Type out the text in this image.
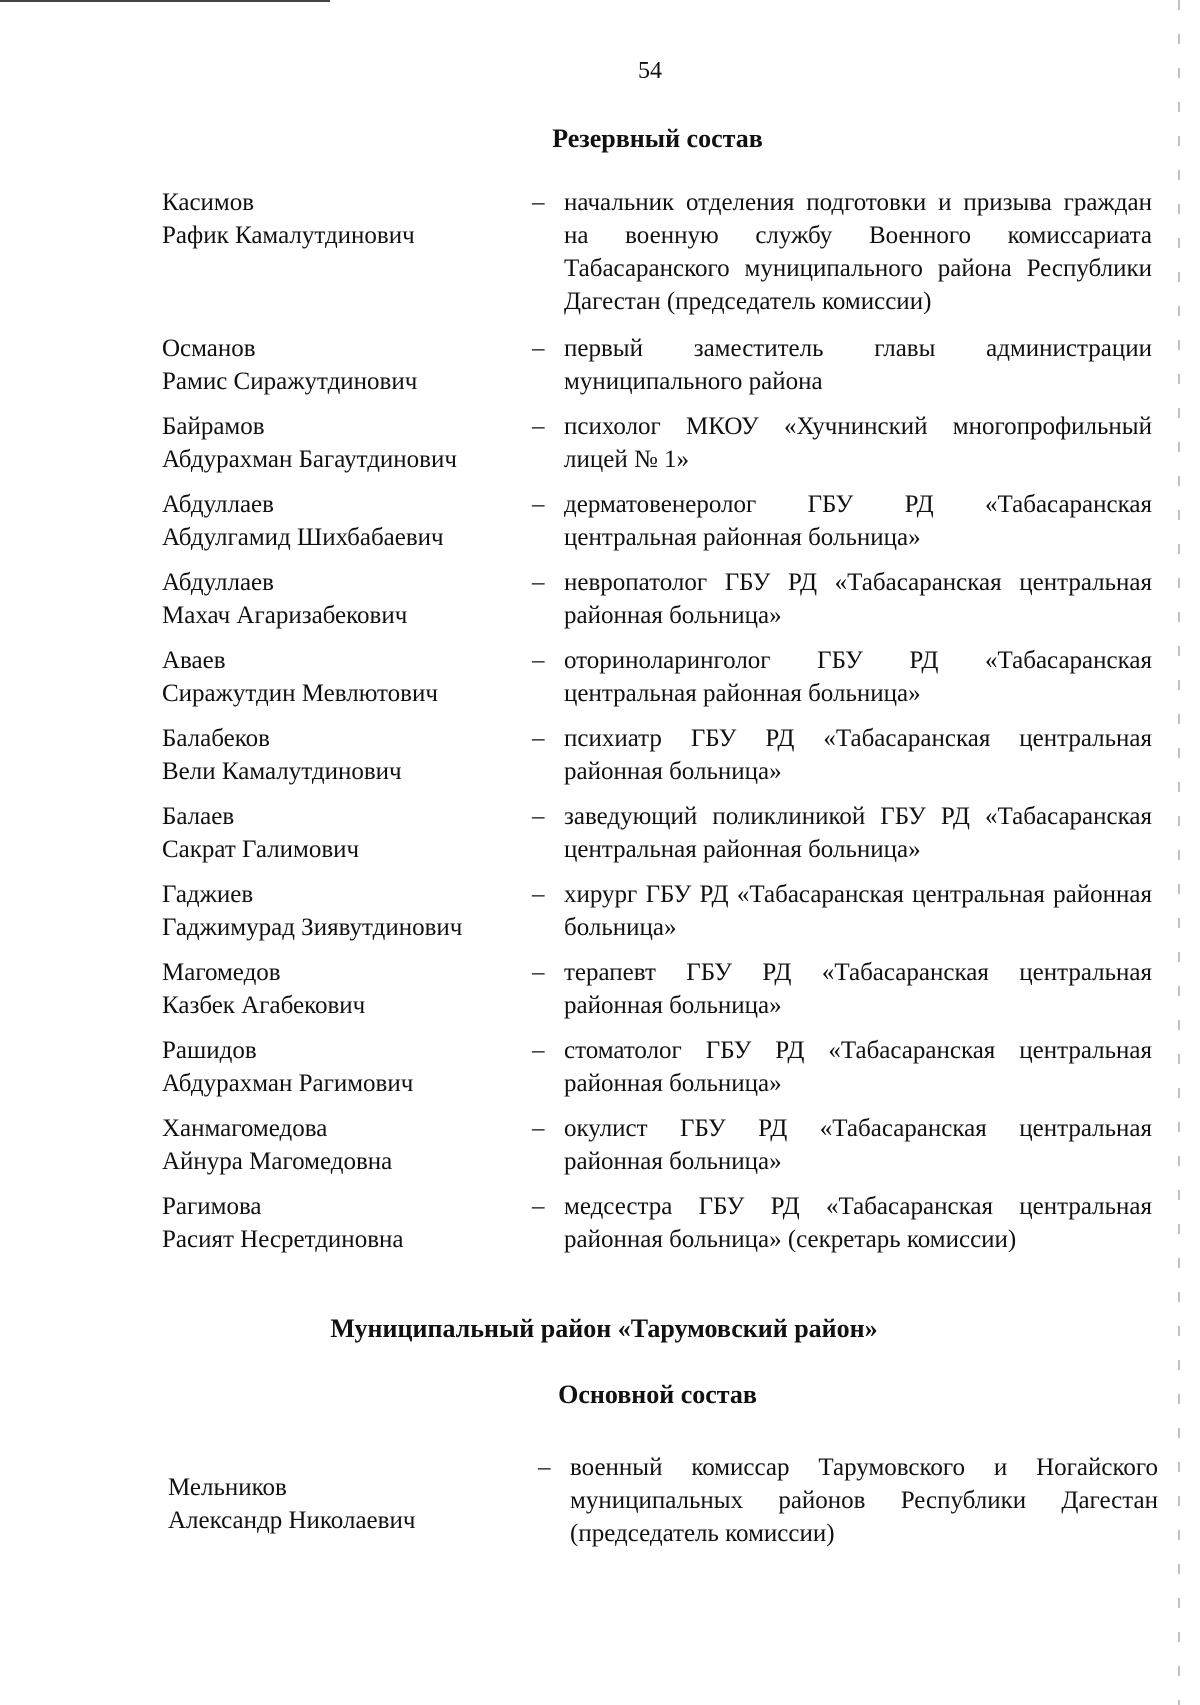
54
Резервный состав
Касимов
Рафик Камалутдинович
– начальник отделения подготовки и призыва граждан на военную службу Военного комиссариата Табасаранского муниципального района Республики Дагестан (председатель комиссии)
Османов
Рамис Сиражутдинович
– первый заместитель главы администрации муниципального района
Байрамов
Абдурахман Багаутдинович
– психолог МКОУ «Хучнинский многопрофильный лицей № 1»
Абдуллаев
Абдулгамид Шихбабаевич
– дерматовенеролог ГБУ РД «Табасаранская центральная районная больница»
Абдуллаев
Махач Агаризабекович
– невропатолог ГБУ РД «Табасаранская центральная районная больница»
Аваев
Сиражутдин Мевлютович
– оториноларинголог ГБУ РД «Табасаранская центральная районная больница»
Балабеков
Вели Камалутдинович
– психиатр ГБУ РД «Табасаранская центральная районная больница»
Балаев
Сакрат Галимович
– заведующий поликлиникой ГБУ РД «Табасаранская центральная районная больница»
Гаджиев
Гаджимурад Зиявутдинович
– хирург ГБУ РД «Табасаранская центральная районная больница»
Магомедов
Казбек Агабекович
– терапевт ГБУ РД «Табасаранская центральная районная больница»
Рашидов
Абдурахман Рагимович
– стоматолог ГБУ РД «Табасаранская центральная районная больница»
Ханмагомедова
Айнура Магомедовна
– окулист ГБУ РД «Табасаранская центральная районная больница»
Рагимова
Расият Несретдиновна
– медсестра ГБУ РД «Табасаранская центральная районная больница» (секретарь комиссии)
Муниципальный район «Тарумовский район»
Основной состав
Мельников
Александр Николаевич
– военный комиссар Тарумовского и Ногайского муниципальных районов Республики Дагестан (председатель комиссии)
